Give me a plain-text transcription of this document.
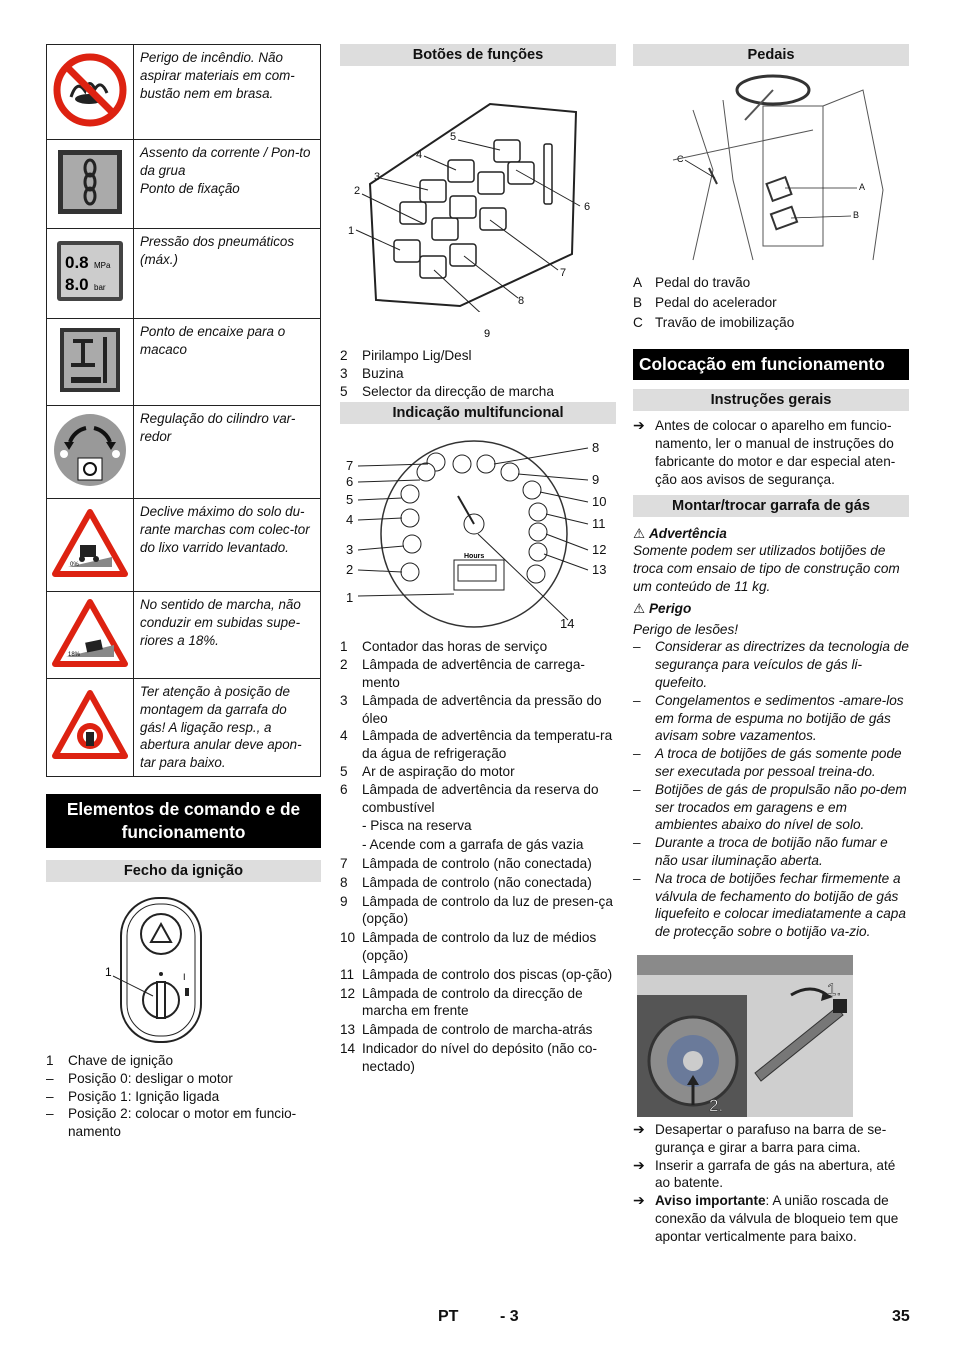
	Perigo de incêndio. Não aspirar materiais em com-bustão nem em brasa.
	Assento da corrente / Pon-to da grua
Ponto de fixação

0.8 MPa
8.0 bar	Pressão dos pneumáticos (máx.)
	Ponto de encaixe para o macaco
	Regulação do cilindro var-redor

0%	Declive máximo do solo du-rante marchas com colec-tor do lixo varrido levantado.

18%	No sentido de marcha, não conduzir em subidas supe-riores a 18%.
	Ter atenção à posição de montagem da garrafa do gás! A ligação resp., a abertura anular deve apon-tar para baixo.
Elementos de comando e de funcionamento
Fecho da ignição
I
1
1	Chave de ignição
–	Posição 0: desligar o motor
–	Posição 1: Ignição ligada
–	Posição 2: colocar o motor em funcio-namento
Botões de funções
1
2
3
4
5
6
7
8
9
2	Pirilampo Lig/Desl
3	Buzina
5	Selector da direcção de marcha
Indicação multifuncional
Hours
1
2
3
4
5
6
7
8
9
10
11
12
13
14
1	Contador das horas de serviço
2	Lâmpada de advertência de carrega-mento
3	Lâmpada de advertência da pressão do óleo
4	Lâmpada de advertência da temperatu-ra da água de refrigeração
5	Ar de aspiração do motor
6	Lâmpada de advertência da reserva do combustível
- Pisca na reserva
- Acende com a garrafa de gás vazia
7	Lâmpada de controlo (não conectada)
8	Lâmpada de controlo (não conectada)
9	Lâmpada de controlo da luz de presen-ça (opção)
10 Lâmpada de controlo da luz de médios (opção)
11 Lâmpada de controlo dos piscas (op-ção)
12 Lâmpada de controlo da direcção de marcha em frente
13 Lâmpada de controlo de marcha-atrás
14 Indicador do nível do depósito (não co-nectado)
Pedais
A
B
C
A Pedal do travão
B Pedal do acelerador
C Travão de imobilização
Colocação em funcionamento
Instruções gerais
➔ Antes de colocar o aparelho em funcio-namento, ler o manual de instruções do fabricante do motor e dar especial aten-ção aos avisos de segurança.
Montar/trocar garrafa de gás
⚠ Advertência
Somente podem ser utilizados botijões de troca com ensaio de tipo de construção com um conteúdo de 11 kg.
⚠ Perigo
Perigo de lesões!
–	Considerar as directrizes da tecnologia de segurança para veículos de gás li-quefeito.
–	Congelamentos e sedimentos -amare-los em forma de espuma no botijão de gás avisam sobre vazamentos.
–	A troca de botijões de gás somente pode ser executada por pessoal treina-do.
–	Botijões de gás de propulsão não po-dem ser trocados em garagens e em ambientes abaixo do nível de solo.
–	Durante a troca de botijão não fumar e não usar iluminação aberta.
–	Na troca de botijões fechar firmemente a válvula de fechamento do botijão de gás liquefeito e colocar imediatamente a capa de protecção sobre o botijão va-zio.
1.
2.
➔ Desapertar o parafuso na barra de se-gurança e girar a barra para cima.
➔ Inserir a garrafa de gás na abertura, até ao batente.
➔ Aviso importante: A união roscada de conexão da válvula de bloqueio tem que apontar verticalmente para baixo.
PT	- 3	35
